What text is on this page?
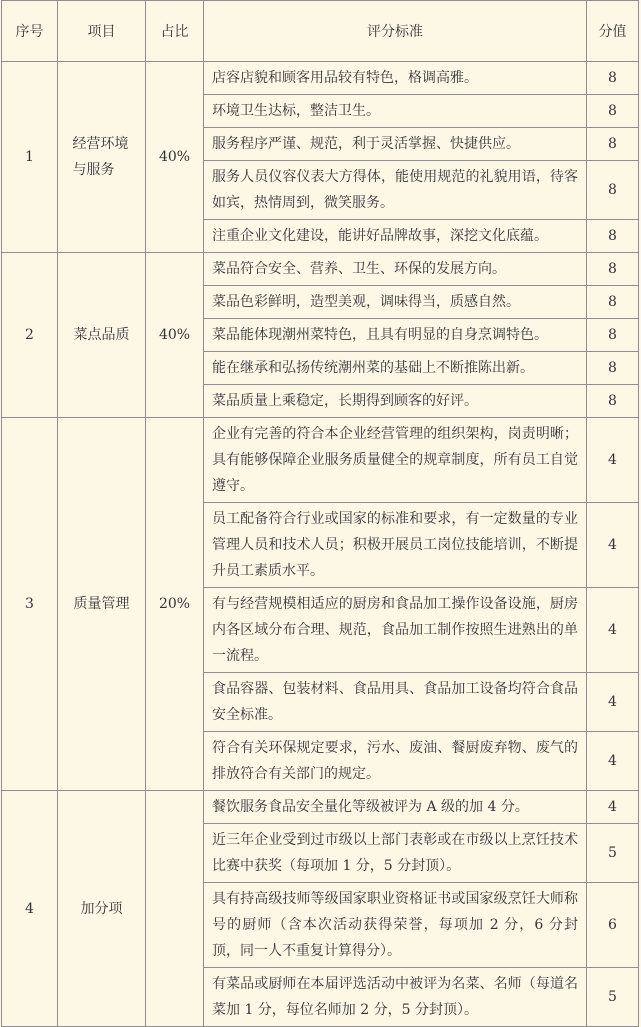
序号	项目	占比	评分标准	分值
1	经营环境与服务	40%	店容店貌和顾客用品较有特色，格调高雅。	8
			环境卫生达标，整洁卫生。	8
			服务程序严谨、规范，利于灵活掌握、快捷供应。	8
			服务人员仪容仪表大方得体，能使用规范的礼貌用语，待客如宾，热情周到，微笑服务。	8
			注重企业文化建设，能讲好品牌故事，深挖文化底蕴。	8
2	菜点品质	40%	菜品符合安全、营养、卫生、环保的发展方向。	8
			菜品色彩鲜明，造型美观，调味得当，质感自然。	8
			菜品能体现潮州菜特色，且具有明显的自身烹调特色。	8
			能在继承和弘扬传统潮州菜的基础上不断推陈出新。	8
			菜品质量上乘稳定，长期得到顾客的好评。	8
3	质量管理	20%	企业有完善的符合本企业经营管理的组织架构，岗责明晰；具有能够保障企业服务质量健全的规章制度，所有员工自觉遵守。	4
			员工配备符合行业或国家的标准和要求，有一定数量的专业管理人员和技术人员；积极开展员工岗位技能培训，不断提升员工素质水平。	4
			有与经营规模相适应的厨房和食品加工操作设备设施，厨房内各区域分布合理、规范，食品加工制作按照生进熟出的单一流程。	4
			食品容器、包装材料、食品用具、食品加工设备均符合食品安全标准。	4
			符合有关环保规定要求，污水、废油、餐厨废弃物、废气的排放符合有关部门的规定。	4
4	加分项		餐饮服务食品安全量化等级被评为 A 级的加 4 分。	4
			近三年企业受到过市级以上部门表彰或在市级以上烹饪技术比赛中获奖（每项加 1 分，5 分封顶）。	5
			具有持高级技师等级国家职业资格证书或国家级烹饪大师称号的厨师（含本次活动获得荣誉，每项加 2 分，6 分封顶，同一人不重复计算得分）。	6
			有菜品或厨师在本届评选活动中被评为名菜、名师（每道名菜加 1 分，每位名师加 2 分，5 分封顶）。	5
